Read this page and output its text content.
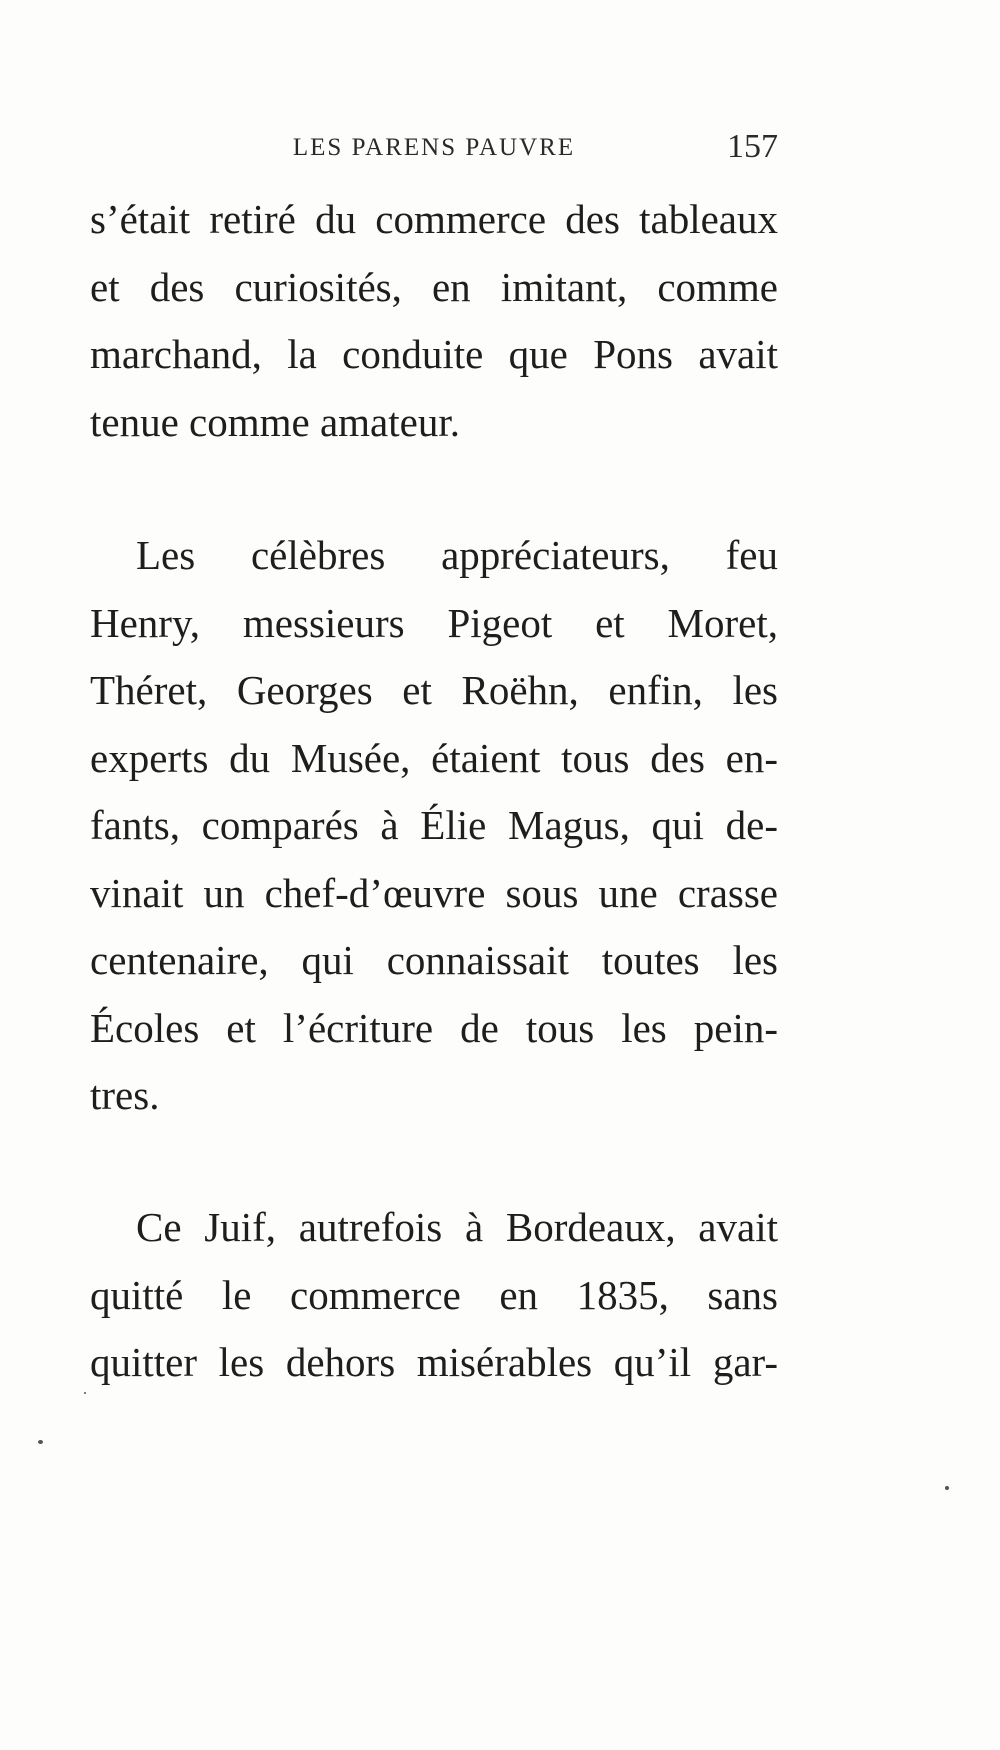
LES PARENS PAUVRE	157
s’était retiré du commerce des tableaux
et des curiosités, en imitant, comme
marchand, la conduite que Pons avait
tenue comme amateur.
Les célèbres appréciateurs, feu
Henry, messieurs Pigeot et Moret,
Théret, Georges et Roëhn, enfin, les
experts du Musée, étaient tous des en-
fants, comparés à Élie Magus, qui de-
vinait un chef-d’œuvre sous une crasse
centenaire, qui connaissait toutes les
Écoles et l’écriture de tous les pein-
tres.
Ce Juif, autrefois à Bordeaux, avait
quitté le commerce en 1835, sans
quitter les dehors misérables qu’il gar-
